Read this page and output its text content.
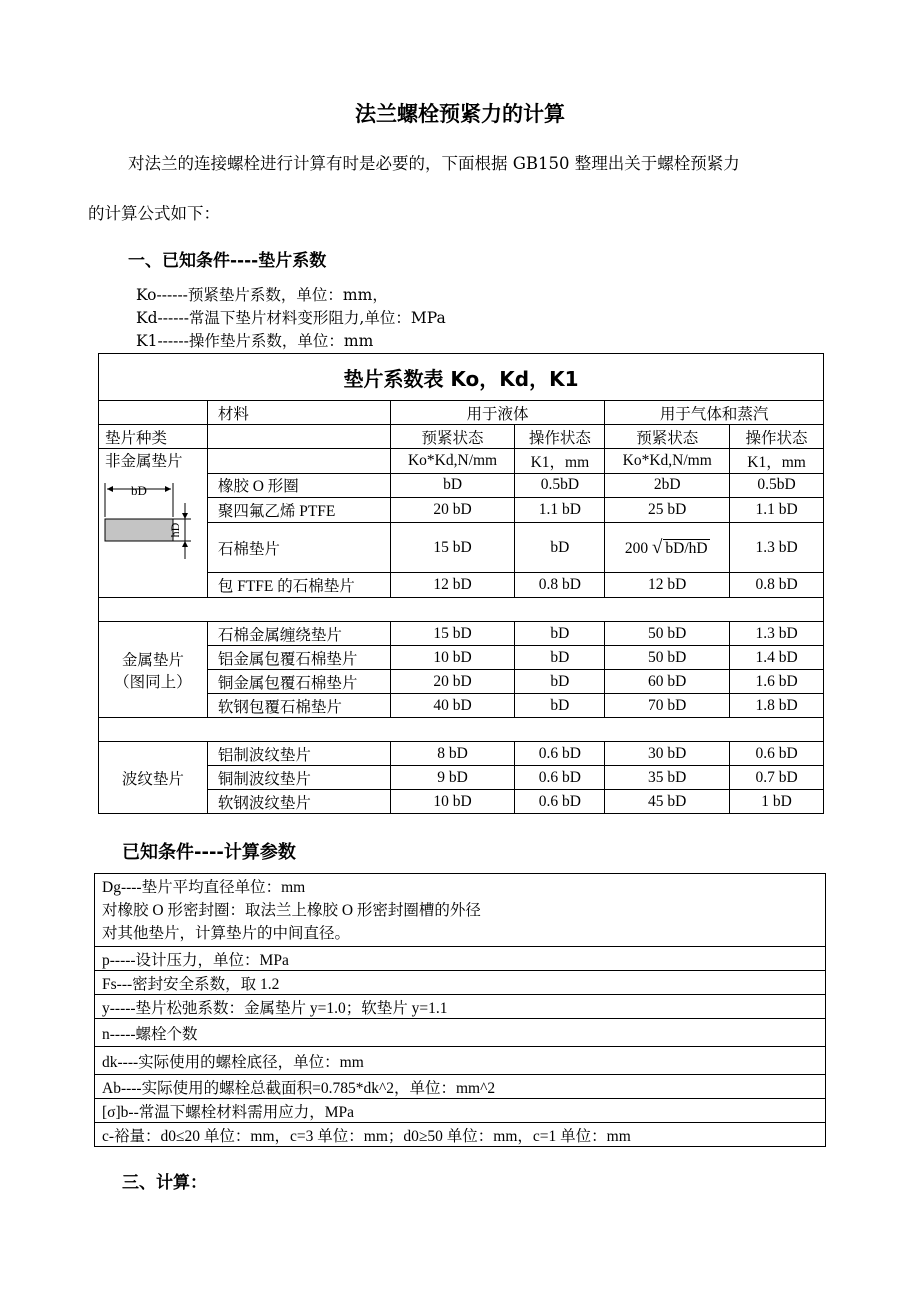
法兰螺栓预紧力的计算
对法兰的连接螺栓进行计算有时是必要的，下面根据 GB150 整理出关于螺栓预紧力
的计算公式如下：
一、已知条件----垫片系数
Ko------预紧垫片系数，单位：mm，
Kd------常温下垫片材料变形阻力,单位：MPa
K1------操作垫片系数，单位：mm
垫片系数表 Ko，Kd，K1					
	材料	用于液体		用于气体和蒸汽	
垫片种类		预紧状态	操作状态	预紧状态	操作状态

非金属垫片
bD
hD		Ko*Kd,N/mm	K1，mm	Ko*Kd,N/mm	K1，mm
	橡胶 O 形圈	bD	0.5bD	2bD	0.5bD
	聚四氟乙烯 PTFE	20 bD	1.1 bD	25 bD	1.1 bD
	石棉垫片	15 bD	bD	200 √ bD/hD	1.3 bD
	包 FTFE 的石棉垫片	12 bD	0.8 bD	12 bD	0.8 bD

金属垫片
（图同上）	石棉金属缠绕垫片	15 bD	bD	50 bD	1.3 bD
	铝金属包覆石棉垫片	10 bD	bD	50 bD	1.4 bD
	铜金属包覆石棉垫片	20 bD	bD	60 bD	1.6 bD
	软钢包覆石棉垫片	40 bD	bD	70 bD	1.8 bD

波纹垫片	铝制波纹垫片	8 bD	0.6 bD	30 bD	0.6 bD
	铜制波纹垫片	9 bD	0.6 bD	35 bD	0.7 bD
	软钢波纹垫片	10 bD	0.6 bD	45 bD	1 bD
已知条件----计算参数
Dg----垫片平均直径单位：mm
对橡胶 O 形密封圈：取法兰上橡胶 O 形密封圈槽的外径
对其他垫片，计算垫片的中间直径。

p-----设计压力，单位：MPa
Fs---密封安全系数，取 1.2
y-----垫片松弛系数：金属垫片 y=1.0；软垫片 y=1.1
n-----螺栓个数
dk----实际使用的螺栓底径，单位：mm
Ab----实际使用的螺栓总截面积=0.785*dk^2，单位：mm^2
[σ]b--常温下螺栓材料需用应力，MPa
c-裕量：d0≤20 单位：mm，c=3 单位：mm；d0≥50 单位：mm，c=1 单位：mm
三、计算：
